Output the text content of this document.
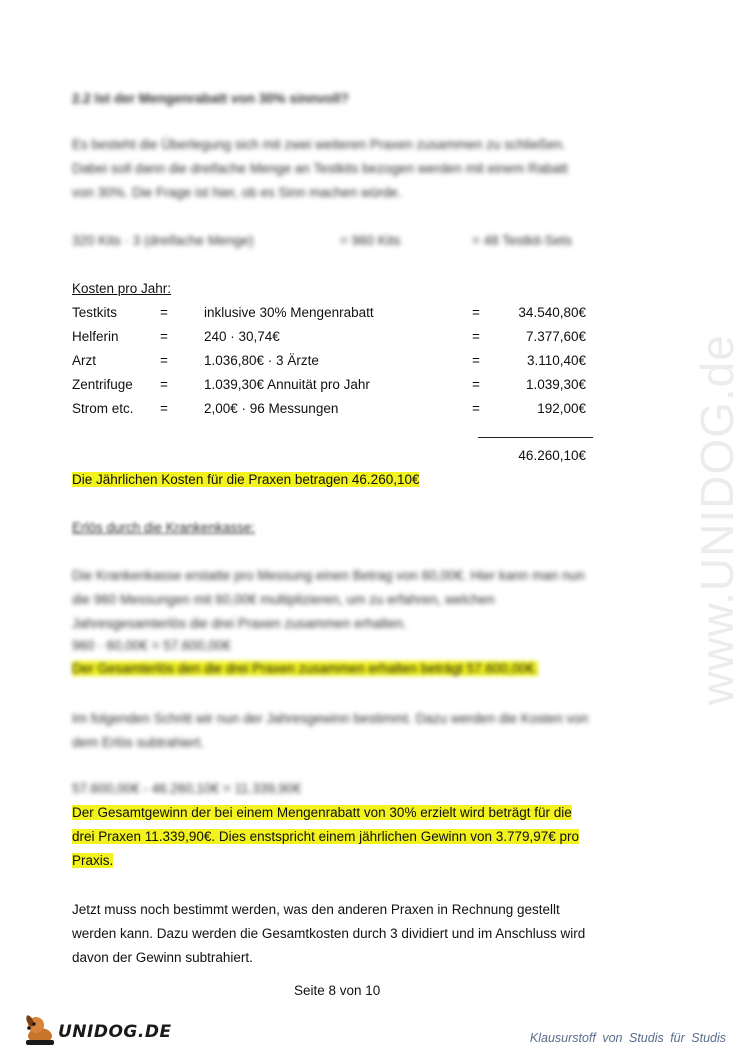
www.UNIDOG.de
2.2 Ist der Mengenrabatt von 30% sinnvoll?
Es besteht die Überlegung sich mit zwei weiteren Praxen zusammen zu schließen.
Dabei soll dann die dreifache Menge an Testkits bezogen werden mit einem Rabatt
von 30%. Die Frage ist hier, ob es Sinn machen würde.
320 Kits · 3 (dreifache Menge)	= 960 Kits	= 48 Testkit-Sets
Kosten pro Jahr:
Testkits	=	inklusive 30% Mengenrabatt	=	34.540,80€
Helferin	=	240 · 30,74€	=	7.377,60€
Arzt	=	1.036,80€ · 3 Ärzte	=	3.110,40€
Zentrifuge =	1.039,30€ Annuität pro Jahr	=	1.039,30€
Strom etc. =	2,00€ · 96 Messungen	=	192,00€
46.260,10€
Die Jährlichen Kosten für die Praxen betragen 46.260,10€
Erlös durch die Krankenkasse:
Die Krankenkasse erstatte pro Messung einen Betrag von 60,00€. Hier kann man nun
die 960 Messungen mit 60,00€ multiplizieren, um zu erfahren, welchen
Jahresgesamterlös die drei Praxen zusammen erhalten.
960 · 60,00€ = 57.600,00€
Der Gesamterlös den die drei Praxen zusammen erhalten beträgt 57.600,00€.
Im folgenden Schritt wir nun der Jahresgewinn bestimmt. Dazu werden die Kosten von
dem Erlös subtrahiert.
57.600,00€ - 46.260,10€ = 11.339,90€
Der Gesamtgewinn der bei einem Mengenrabatt von 30% erzielt wird beträgt für die
drei Praxen 11.339,90€. Dies enstspricht einem jährlichen Gewinn von 3.779,97€ pro
Praxis.
Jetzt muss noch bestimmt werden, was den anderen Praxen in Rechnung gestellt
werden kann. Dazu werden die Gesamtkosten durch 3 dividiert und im Anschluss wird
davon der Gewinn subtrahiert.
Seite 8 von 10
UNIDOG.DE	Klausurstoff von Studis für Studis
